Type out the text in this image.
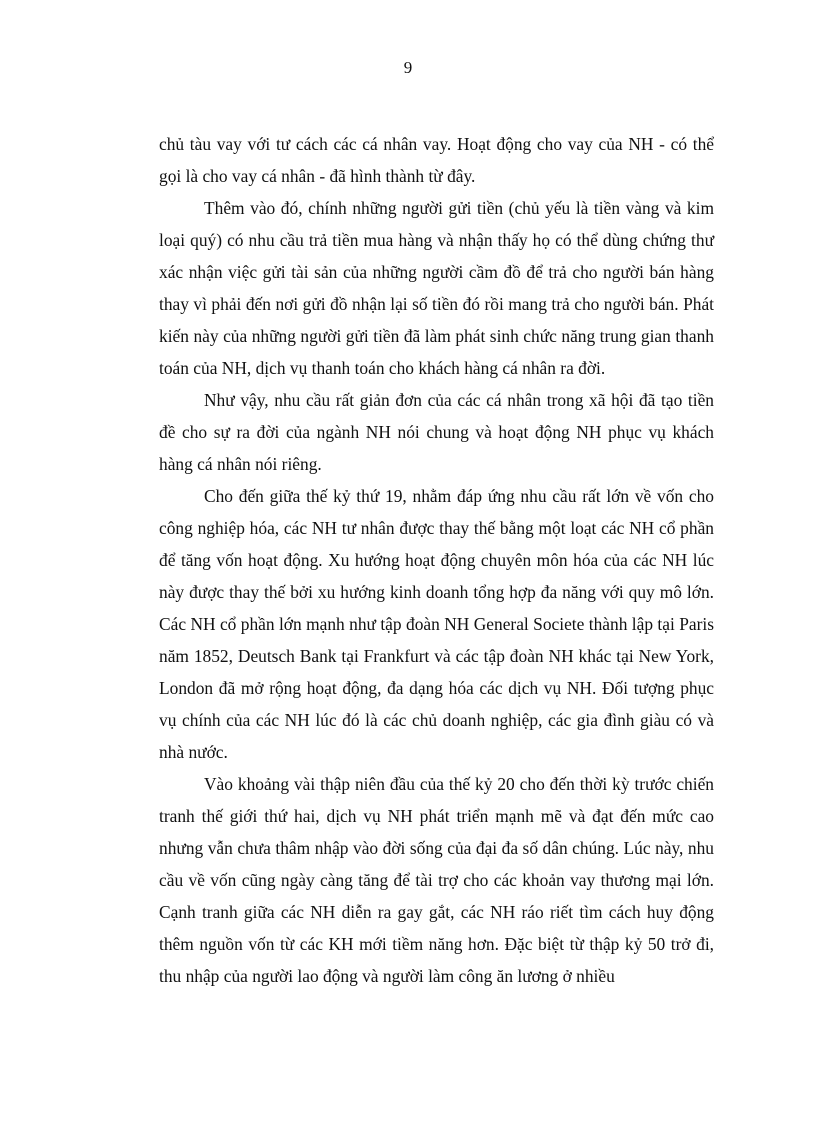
9

chủ tàu vay với tư cách các cá nhân vay. Hoạt động cho vay của NH - có thể gọi là cho vay cá nhân - đã hình thành từ đây.

Thêm vào đó, chính những người gửi tiền (chủ yếu là tiền vàng và kim loại quý) có nhu cầu trả tiền mua hàng và nhận thấy họ có thể dùng chứng thư xác nhận việc gửi tài sản của những người cầm đồ để trả cho người bán hàng thay vì phải đến nơi gửi đồ nhận lại số tiền đó rồi mang trả cho người bán. Phát kiến này của những người gửi tiền đã làm phát sinh chức năng trung gian thanh toán của NH, dịch vụ thanh toán cho khách hàng cá nhân ra đời.

Như vậy, nhu cầu rất giản đơn của các cá nhân trong xã hội đã tạo tiền đề cho sự ra đời của ngành NH nói chung và hoạt động NH phục vụ khách hàng cá nhân nói riêng.

Cho đến giữa thế kỷ thứ 19, nhằm đáp ứng nhu cầu rất lớn về vốn cho công nghiệp hóa, các NH tư nhân được thay thế bằng một loạt các NH cổ phần để tăng vốn hoạt động. Xu hướng hoạt động chuyên môn hóa của các NH lúc này được thay thế bởi xu hướng kinh doanh tổng hợp đa năng với quy mô lớn. Các NH cổ phần lớn mạnh như tập đoàn NH General Societe thành lập tại Paris năm 1852, Deutsch Bank tại Frankfurt và các tập đoàn NH khác tại New York, London đã mở rộng hoạt động, đa dạng hóa các dịch vụ NH. Đối tượng phục vụ chính của các NH lúc đó là các chủ doanh nghiệp, các gia đình giàu có và nhà nước.

Vào khoảng vài thập niên đầu của thế kỷ 20 cho đến thời kỳ trước chiến tranh thế giới thứ hai, dịch vụ NH phát triển mạnh mẽ và đạt đến mức cao nhưng vẫn chưa thâm nhập vào đời sống của đại đa số dân chúng. Lúc này, nhu cầu về vốn cũng ngày càng tăng để tài trợ cho các khoản vay thương mại lớn. Cạnh tranh giữa các NH diễn ra gay gắt, các NH ráo riết tìm cách huy động thêm nguồn vốn từ các KH mới tiềm năng hơn. Đặc biệt từ thập kỷ 50 trở đi, thu nhập của người lao động và người làm công ăn lương ở nhiều
